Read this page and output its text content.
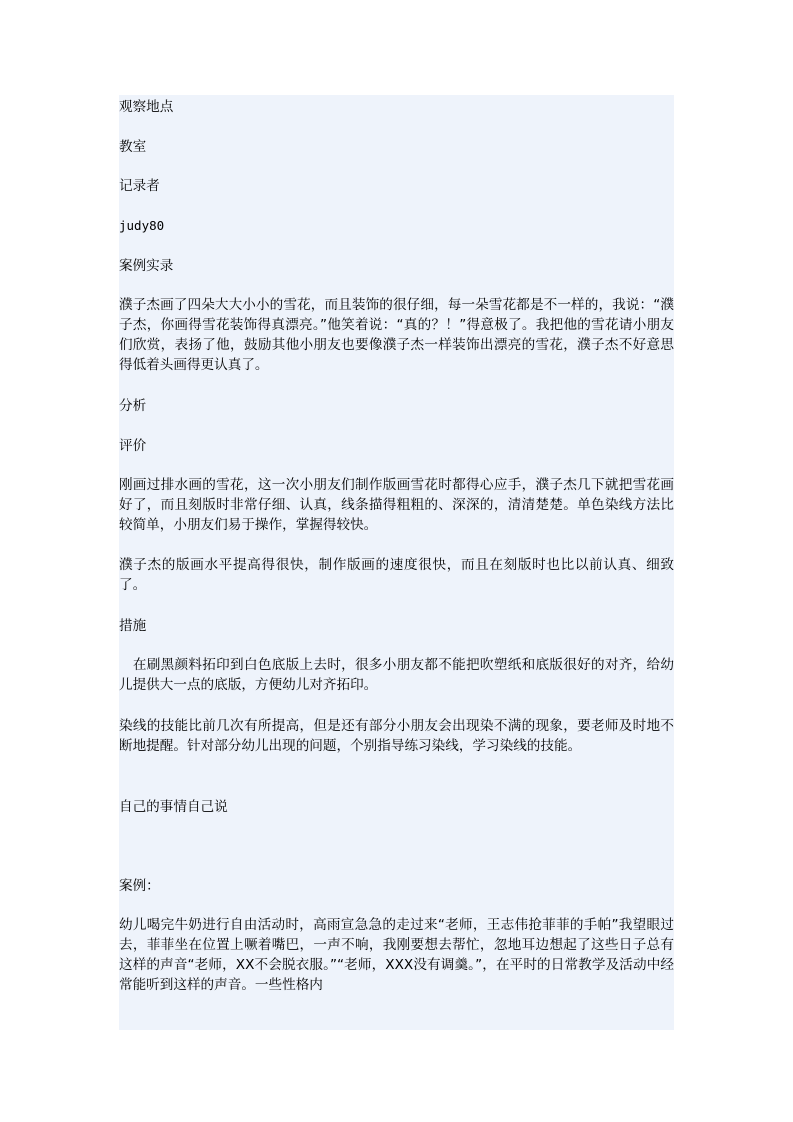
观察地点

教室

记录者

judy80

案例实录

濮子杰画了四朵大大小小的雪花，而且装饰的很仔细，每一朵雪花都是不一样的，我说：“濮子杰，你画得雪花装饰得真漂亮。”他笑着说：“真的？！”得意极了。我把他的雪花请小朋友们欣赏，表扬了他，鼓励其他小朋友也要像濮子杰一样装饰出漂亮的雪花，濮子杰不好意思得低着头画得更认真了。

分析

评价

刚画过排水画的雪花，这一次小朋友们制作版画雪花时都得心应手，濮子杰几下就把雪花画好了，而且刻版时非常仔细、认真，线条描得粗粗的、深深的，清清楚楚。单色染线方法比较简单，小朋友们易于操作，掌握得较快。

濮子杰的版画水平提高得很快，制作版画的速度很快，而且在刻版时也比以前认真、细致了。

措施

　在刷黑颜料拓印到白色底版上去时，很多小朋友都不能把吹塑纸和底版很好的对齐，给幼儿提供大一点的底版，方便幼儿对齐拓印。

染线的技能比前几次有所提高，但是还有部分小朋友会出现染不满的现象，要老师及时地不断地提醒。针对部分幼儿出现的问题，个别指导练习染线，学习染线的技能。

自己的事情自己说

案例：

幼儿喝完牛奶进行自由活动时，高雨宣急急的走过来“老师，王志伟抢菲菲的手帕”我望眼过去，菲菲坐在位置上噘着嘴巴，一声不响，我刚要想去帮忙，忽地耳边想起了这些日子总有这样的声音“老师，XX不会脱衣服。”“老师，XXX没有调羹。”，在平时的日常教学及活动中经常能听到这样的声音。一些性格内
